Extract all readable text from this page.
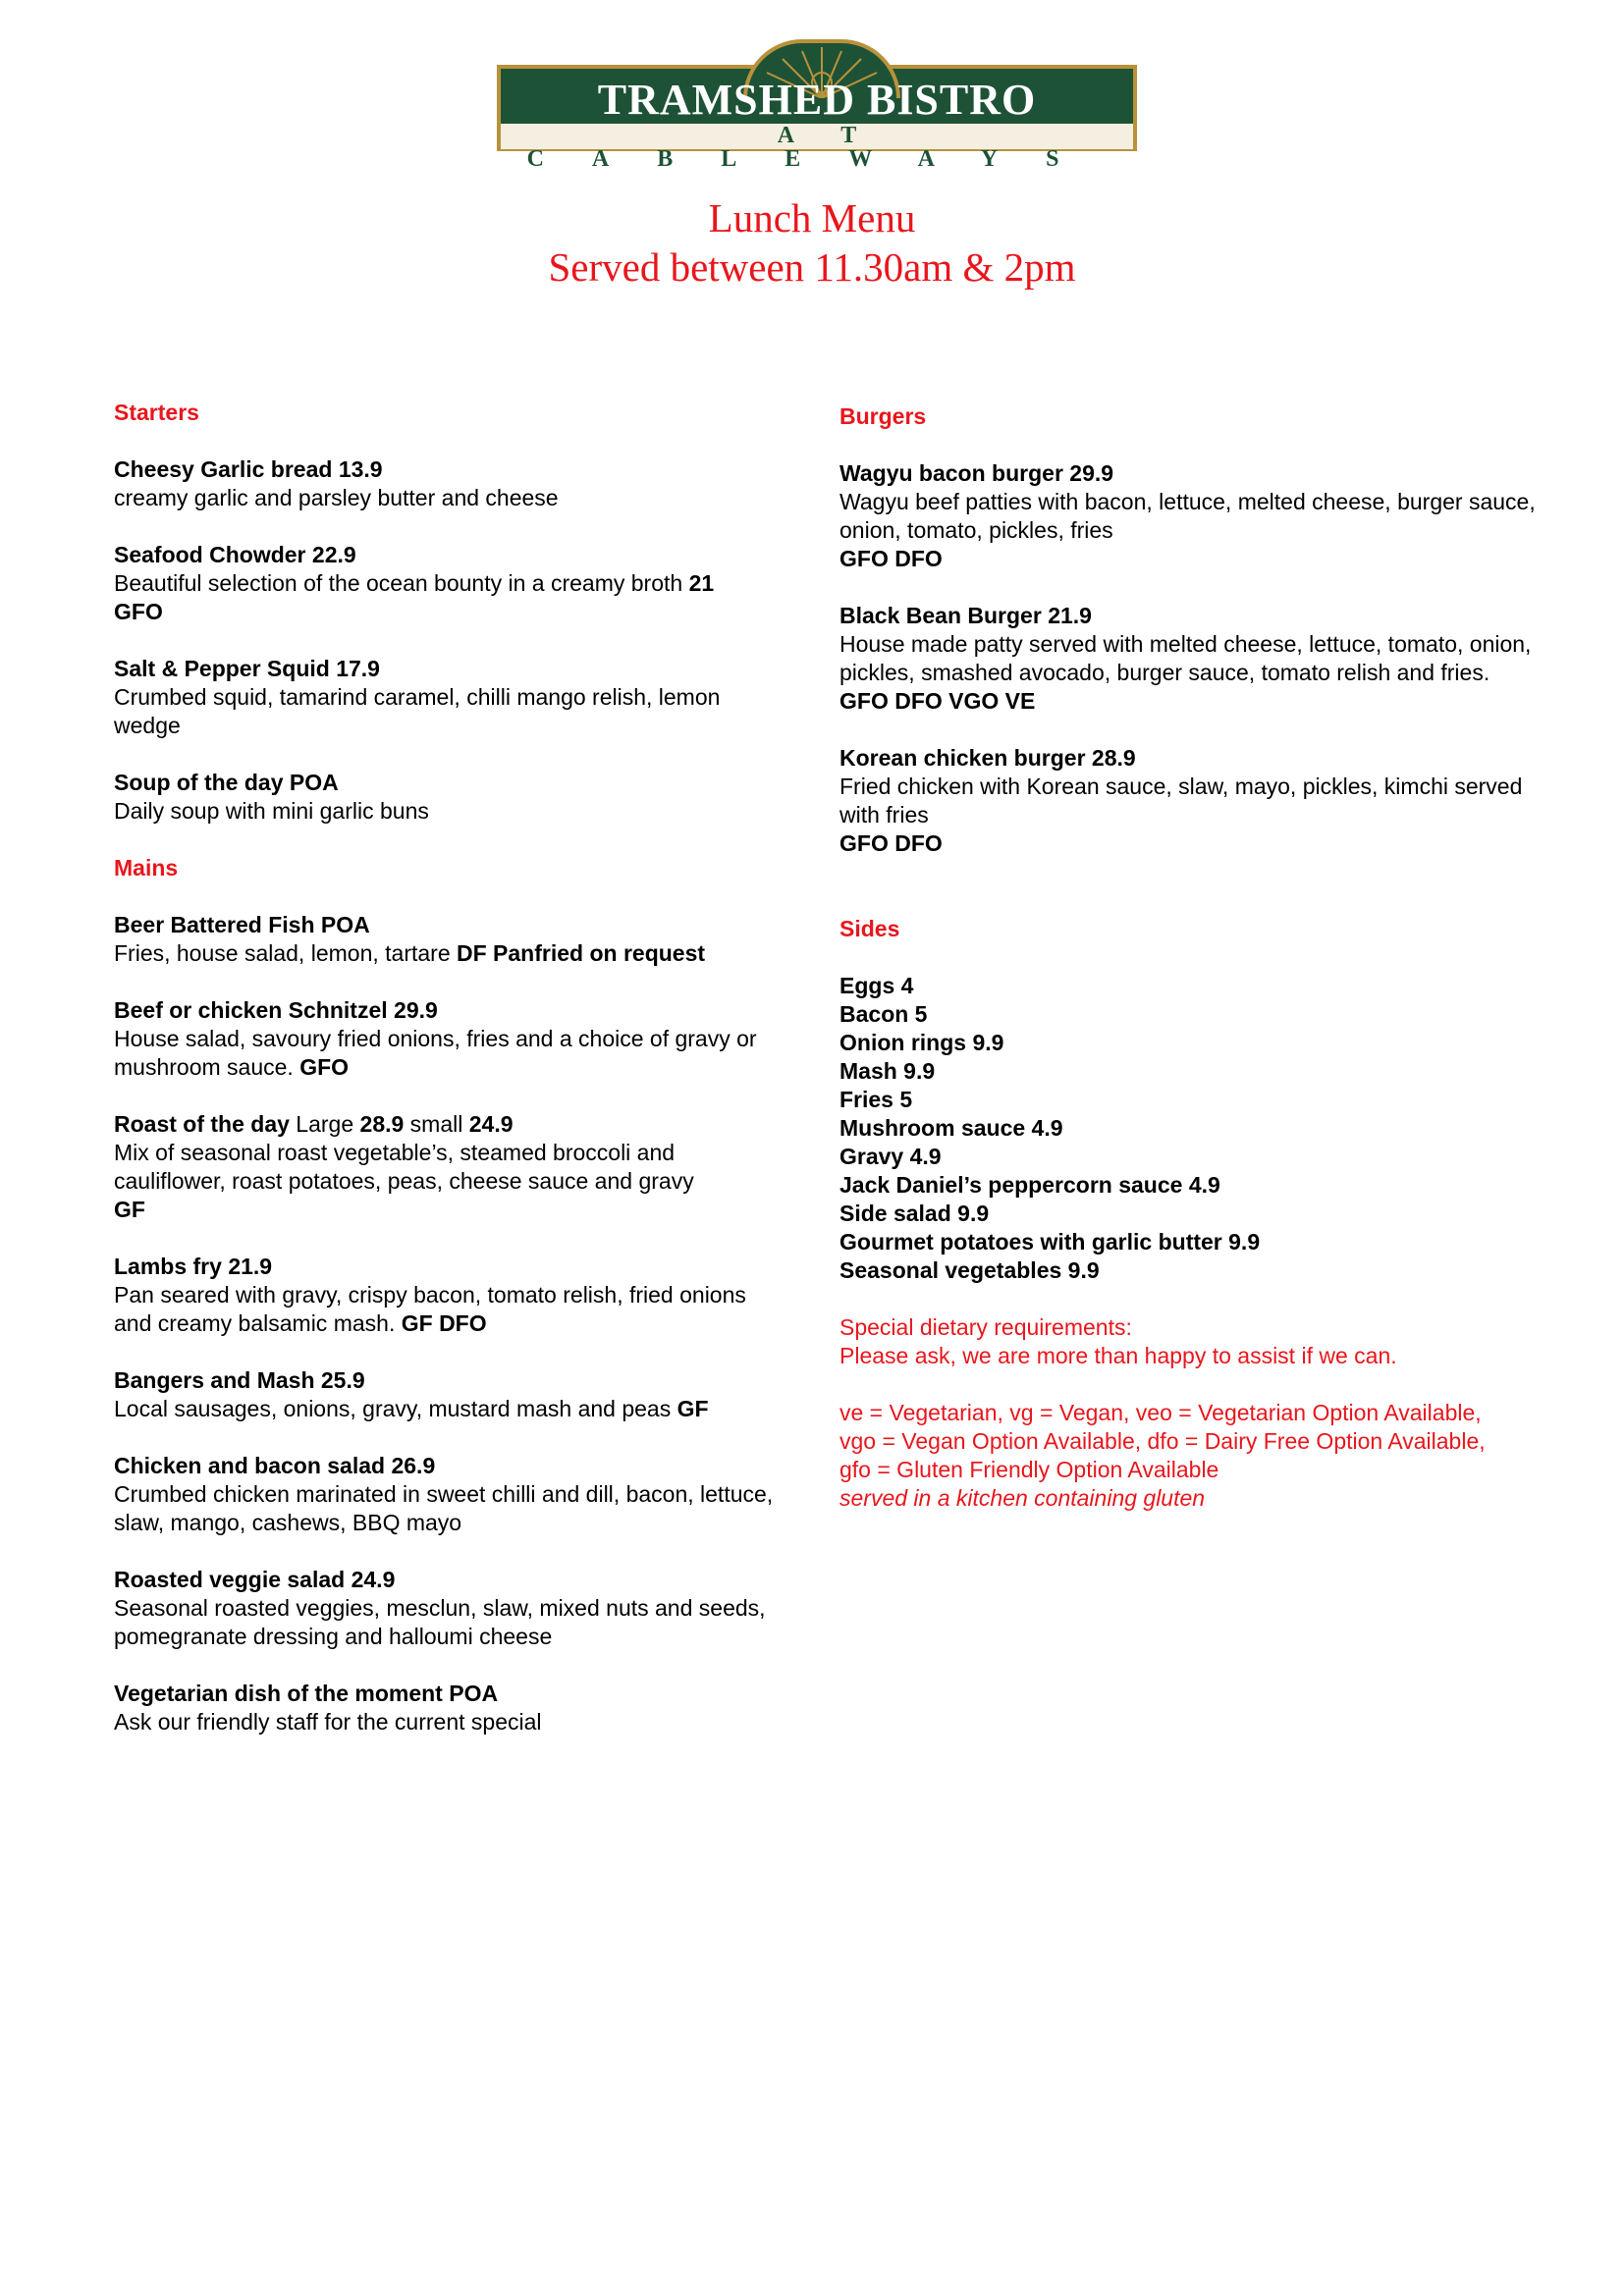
TRAMSHED BISTRO
AT CABLEWAYS
Lunch Menu
Served between 11.30am & 2pm

Starters

Cheesy Garlic bread 13.9

creamy garlic and parsley butter and cheese

Seafood Chowder 22.9

Beautiful selection of the ocean bounty in a creamy broth 21

GFO

Salt & Pepper Squid 17.9

Crumbed squid, tamarind caramel, chilli mango relish, lemon wedge

Soup of the day POA

Daily soup with mini garlic buns

Mains

Beer Battered Fish POA

Fries, house salad, lemon, tartare DF Panfried on request

Beef or chicken Schnitzel 29.9

House salad, savoury fried onions, fries and a choice of gravy or mushroom sauce. GFO

Roast of the day Large 28.9 small 24.9

Mix of seasonal roast vegetable’s, steamed broccoli and cauliflower, roast potatoes, peas, cheese sauce and gravy

GF

Lambs fry 21.9

Pan seared with gravy, crispy bacon, tomato relish, fried onions and creamy balsamic mash. GF DFO

Bangers and Mash 25.9

Local sausages, onions, gravy, mustard mash and peas GF

Chicken and bacon salad 26.9

Crumbed chicken marinated in sweet chilli and dill, bacon, lettuce, slaw, mango, cashews, BBQ mayo

Roasted veggie salad 24.9

Seasonal roasted veggies, mesclun, slaw, mixed nuts and seeds, pomegranate dressing and halloumi cheese

Vegetarian dish of the moment POA

Ask our friendly staff for the current special

Burgers

Wagyu bacon burger 29.9

Wagyu beef patties with bacon, lettuce, melted cheese, burger sauce, onion, tomato, pickles, fries

GFO DFO

Black Bean Burger 21.9

House made patty served with melted cheese, lettuce, tomato, onion, pickles, smashed avocado, burger sauce, tomato relish and fries. GFO DFO VGO VE

Korean chicken burger 28.9

Fried chicken with Korean sauce, slaw, mayo, pickles, kimchi served with fries

GFO DFO

Sides

Eggs 4

Bacon 5

Onion rings 9.9

Mash 9.9

Fries 5

Mushroom sauce 4.9

Gravy 4.9

Jack Daniel’s peppercorn sauce 4.9

Side salad 9.9

Gourmet potatoes with garlic butter 9.9

Seasonal vegetables 9.9

Special dietary requirements:

Please ask, we are more than happy to assist if we can.

ve = Vegetarian, vg = Vegan, veo = Vegetarian Option Available,

vgo = Vegan Option Available, dfo = Dairy Free Option Available,

gfo = Gluten Friendly Option Available

served in a kitchen containing gluten
